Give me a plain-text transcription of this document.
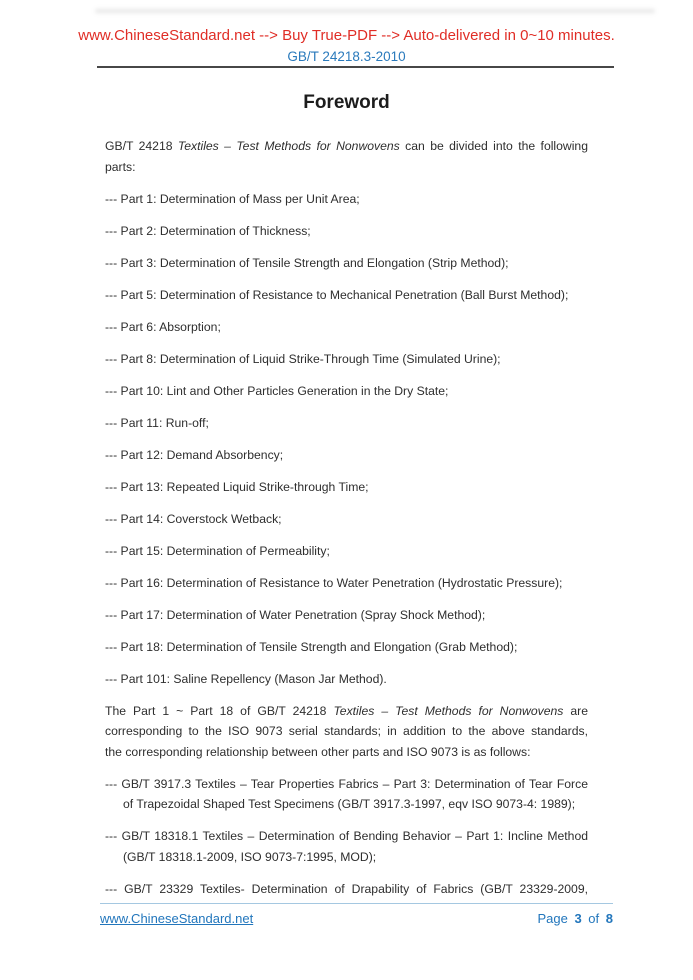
www.ChineseStandard.net --> Buy True-PDF --> Auto-delivered in 0~10 minutes.
GB/T 24218.3-2010
Foreword
GB/T 24218 Textiles – Test Methods for Nonwovens can be divided into the following
parts:
--- Part 1: Determination of Mass per Unit Area;
--- Part 2: Determination of Thickness;
--- Part 3: Determination of Tensile Strength and Elongation (Strip Method);
--- Part 5: Determination of Resistance to Mechanical Penetration (Ball Burst Method);
--- Part 6: Absorption;
--- Part 8: Determination of Liquid Strike-Through Time (Simulated Urine);
--- Part 10: Lint and Other Particles Generation in the Dry State;
--- Part 11: Run-off;
--- Part 12: Demand Absorbency;
--- Part 13: Repeated Liquid Strike-through Time;
--- Part 14: Coverstock Wetback;
--- Part 15: Determination of Permeability;
--- Part 16: Determination of Resistance to Water Penetration (Hydrostatic Pressure);
--- Part 17: Determination of Water Penetration (Spray Shock Method);
--- Part 18: Determination of Tensile Strength and Elongation (Grab Method);
--- Part 101: Saline Repellency (Mason Jar Method).
The Part 1 ~ Part 18 of GB/T 24218 Textiles – Test Methods for Nonwovens are
corresponding to the ISO 9073 serial standards; in addition to the above standards,
the corresponding relationship between other parts and ISO 9073 is as follows:
--- GB/T 3917.3 Textiles – Tear Properties Fabrics – Part 3: Determination of Tear Force
of Trapezoidal Shaped Test Specimens (GB/T 3917.3-1997, eqv ISO 9073-4: 1989);
--- GB/T 18318.1 Textiles – Determination of Bending Behavior – Part 1: Incline Method
(GB/T 18318.1-2009, ISO 9073-7:1995, MOD);
--- GB/T 23329 Textiles- Determination of Drapability of Fabrics (GB/T 23329-2009,
www.ChineseStandard.net	Page 3 of 8
